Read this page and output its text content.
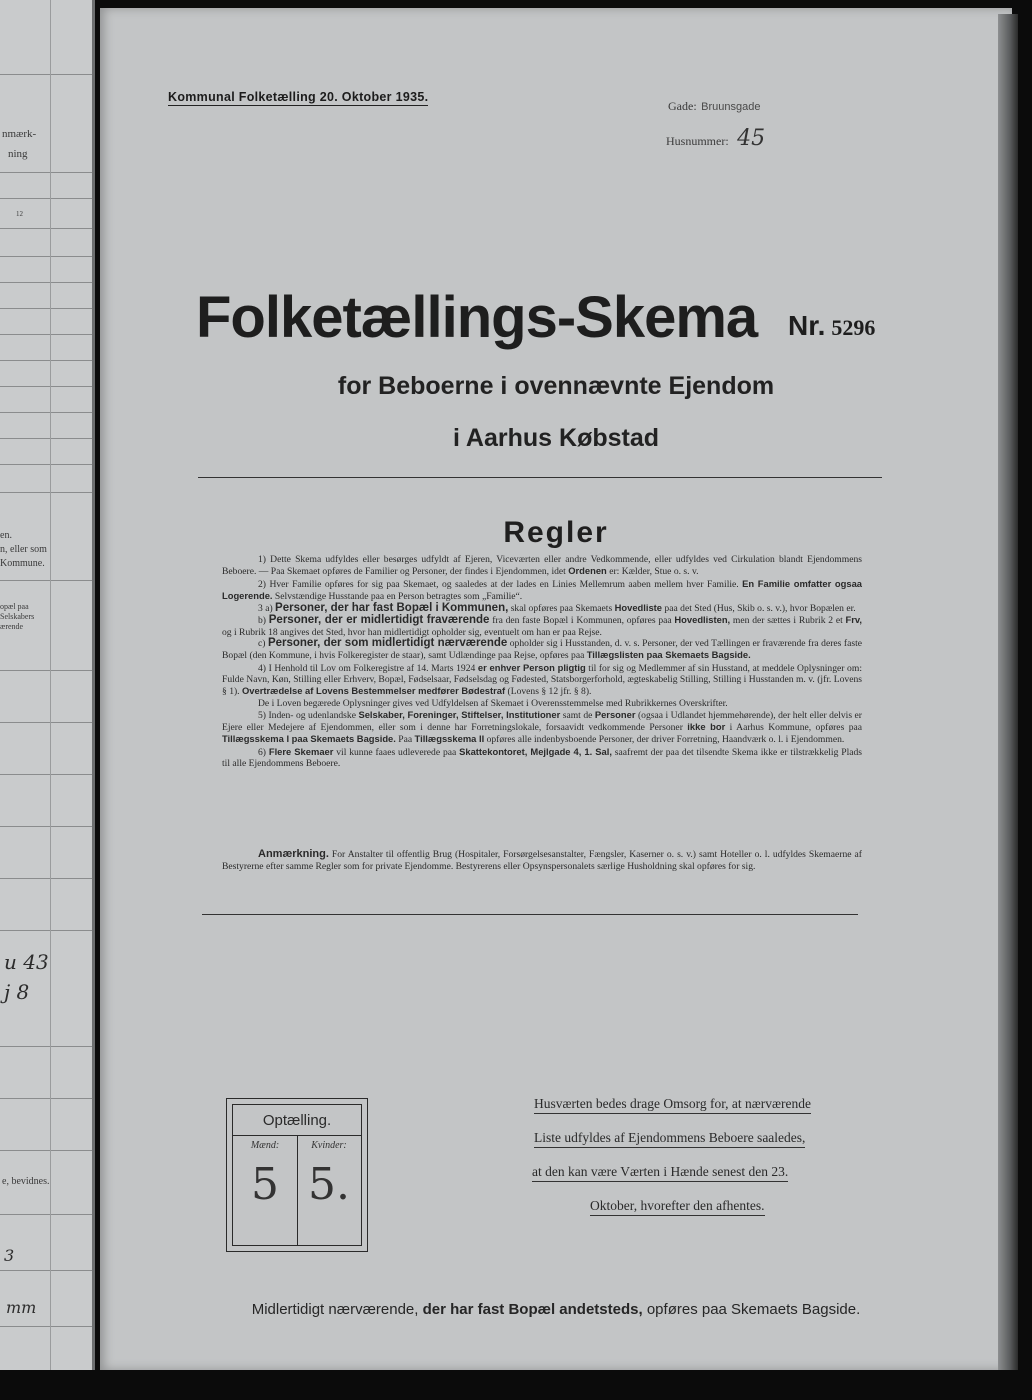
nmærk-
ning
12
en.
n, eller som
Kommune.
opæl paa
Selskabers
ærende
u 43
j 8
e, bevidnes.
3
mm
Kommunal Folketælling 20. Oktober 1935.
Gade: Bruunsgade
Husnummer: 45
Folketællings-Skema Nr. 5296
for Beboerne i ovennævnte Ejendom
i Aarhus Købstad
Regler

1) Dette Skema udfyldes eller besørges udfyldt af Ejeren, Viceværten eller andre Vedkommende, eller udfyldes ved Cirkulation blandt Ejendommens Beboere. — Paa Skemaet opføres de Familier og Personer, der findes i Ejendommen, idet Ordenen er: Kælder, Stue o. s. v.

2) Hver Familie opføres for sig paa Skemaet, og saaledes at der lades en Linies Mellemrum aaben mellem hver Familie. En Familie omfatter ogsaa Logerende. Selvstændige Husstande paa en Person betragtes som „Familie“.

3 a) Personer, der har fast Bopæl i Kommunen, skal opføres paa Skemaets Hovedliste paa det Sted (Hus, Skib o. s. v.), hvor Bopælen er.

b) Personer, der er midlertidigt fraværende fra den faste Bopæl i Kommunen, opføres paa Hovedlisten, men der sættes i Rubrik 2 et Frv, og i Rubrik 18 angives det Sted, hvor han midlertidigt opholder sig, eventuelt om han er paa Rejse.

c) Personer, der som midlertidigt nærværende opholder sig i Husstanden, d. v. s. Personer, der ved Tællingen er fraværende fra deres faste Bopæl (den Kommune, i hvis Folkeregister de staar), samt Udlændinge paa Rejse, opføres paa Tillægslisten paa Skemaets Bagside.

4) I Henhold til Lov om Folkeregistre af 14. Marts 1924 er enhver Person pligtig til for sig og Medlemmer af sin Husstand, at meddele Oplysninger om: Fulde Navn, Køn, Stilling eller Erhverv, Bopæl, Fødselsaar, Fødselsdag og Fødested, Statsborgerforhold, ægteskabelig Stilling, Stilling i Husstanden m. v. (jfr. Lovens § 1). Overtrædelse af Lovens Bestemmelser medfører Bødestraf (Lovens § 12 jfr. § 8).

De i Loven begærede Oplysninger gives ved Udfyldelsen af Skemaet i Overensstemmelse med Rubrikkernes Overskrifter.

5) Inden- og udenlandske Selskaber, Foreninger, Stiftelser, Institutioner samt de Personer (ogsaa i Udlandet hjemmehørende), der helt eller delvis er Ejere eller Medejere af Ejendommen, eller som i denne har Forretningslokale, forsaavidt vedkommende Personer ikke bor i Aarhus Kommune, opføres paa Tillægsskema I paa Skemaets Bagside. Paa Tillægsskema II opføres alle indenbysboende Personer, der driver Forretning, Haandværk o. l. i Ejendommen.

6) Flere Skemaer vil kunne faaes udleverede paa Skattekontoret, Mejlgade 4, 1. Sal, saafremt der paa det tilsendte Skema ikke er tilstrækkelig Plads til alle Ejendommens Beboere.

Anmærkning. For Anstalter til offentlig Brug (Hospitaler, Forsørgelsesanstalter, Fængsler, Kaserner o. s. v.) samt Hoteller o. l. udfyldes Skemaerne af Bestyrerne efter samme Regler som for private Ejendomme. Bestyrerens eller Opsynspersonalets særlige Husholdning skal opføres for sig.
Optælling.
Mænd:	Kvinder:
5 5.
Husværten bedes drage Omsorg for, at nærværende
Liste udfyldes af Ejendommens Beboere saaledes,
at den kan være Værten i Hænde senest den 23.
Oktober, hvorefter den afhentes.
Midlertidigt nærværende, der har fast Bopæl andetsteds, opføres paa Skemaets Bagside.
